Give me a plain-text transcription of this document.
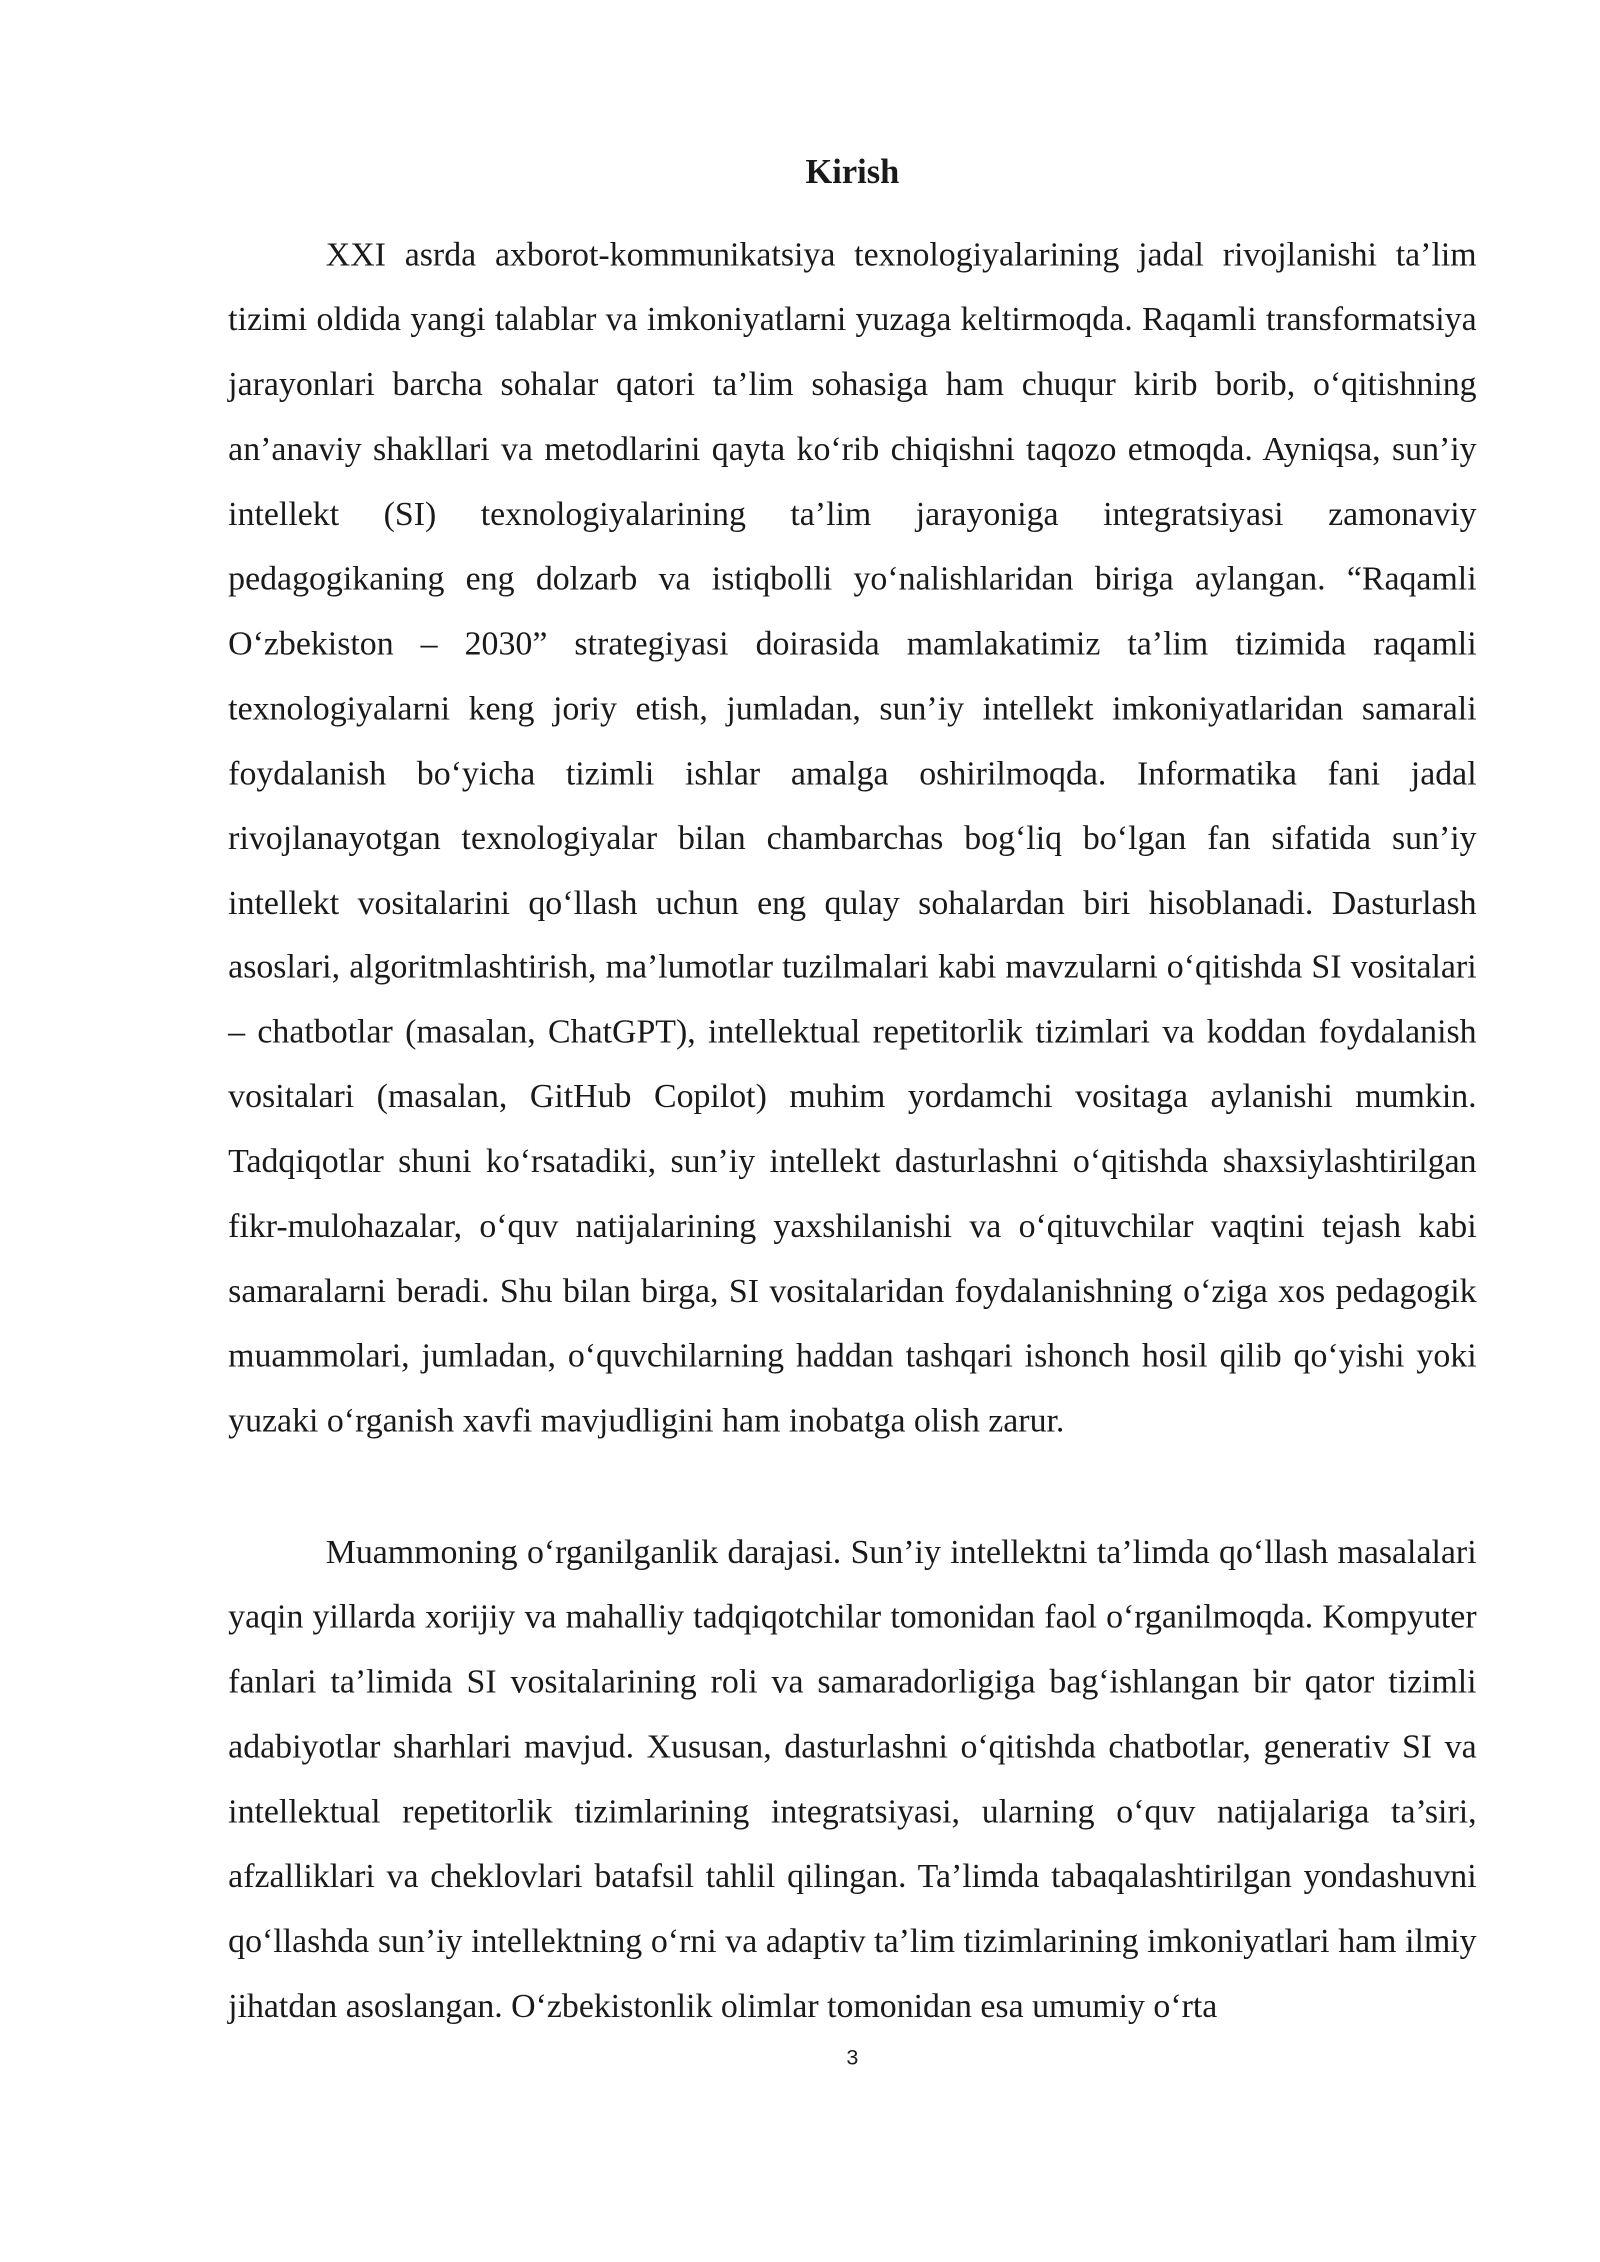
Kirish

XXI asrda axborot-kommunikatsiya texnologiyalarining jadal rivojlanishi ta’lim tizimi oldida yangi talablar va imkoniyatlarni yuzaga keltirmoqda. Raqamli transformatsiya jarayonlari barcha sohalar qatori ta’lim sohasiga ham chuqur kirib borib, o‘qitishning an’anaviy shakllari va metodlarini qayta ko‘rib chiqishni taqozo etmoqda. Ayniqsa, sun’iy intellekt (SI) texnologiyalarining ta’lim jarayoniga integratsiyasi zamonaviy pedagogikaning eng dolzarb va istiqbolli yo‘nalishlaridan biriga aylangan. “Raqamli O‘zbekiston – 2030” strategiyasi doirasida mamlakatimiz ta’lim tizimida raqamli texnologiyalarni keng joriy etish, jumladan, sun’iy intellekt imkoniyatlaridan samarali foydalanish bo‘yicha tizimli ishlar amalga oshirilmoqda. Informatika fani jadal rivojlanayotgan texnologiyalar bilan chambarchas bog‘liq bo‘lgan fan sifatida sun’iy intellekt vositalarini qo‘llash uchun eng qulay sohalardan biri hisoblanadi. Dasturlash asoslari, algoritmlashtirish, ma’lumotlar tuzilmalari kabi mavzularni o‘qitishda SI vositalari – chatbotlar (masalan, ChatGPT), intellektual repetitorlik tizimlari va koddan foydalanish vositalari (masalan, GitHub Copilot) muhim yordamchi vositaga aylanishi mumkin. Tadqiqotlar shuni ko‘rsatadiki, sun’iy intellekt dasturlashni o‘qitishda shaxsiylashtirilgan fikr-mulohazalar, o‘quv natijalarining yaxshilanishi va o‘qituvchilar vaqtini tejash kabi samaralarni beradi. Shu bilan birga, SI vositalaridan foydalanishning o‘ziga xos pedagogik muammolari, jumladan, o‘quvchilarning haddan tashqari ishonch hosil qilib qo‘yishi yoki yuzaki o‘rganish xavfi mavjudligini ham inobatga olish zarur.

Muammoning o‘rganilganlik darajasi. Sun’iy intellektni ta’limda qo‘llash masalalari yaqin yillarda xorijiy va mahalliy tadqiqotchilar tomonidan faol o‘rganilmoqda. Kompyuter fanlari ta’limida SI vositalarining roli va samaradorligiga bag‘ishlangan bir qator tizimli adabiyotlar sharhlari mavjud. Xususan, dasturlashni o‘qitishda chatbotlar, generativ SI va intellektual repetitorlik tizimlarining integratsiyasi, ularning o‘quv natijalariga ta’siri, afzalliklari va cheklovlari batafsil tahlil qilingan. Ta’limda tabaqalashtirilgan yondashuvni qo‘llashda sun’iy intellektning o‘rni va adaptiv ta’lim tizimlarining imkoniyatlari ham ilmiy jihatdan asoslangan. O‘zbekistonlik olimlar tomonidan esa umumiy o‘rta

3
